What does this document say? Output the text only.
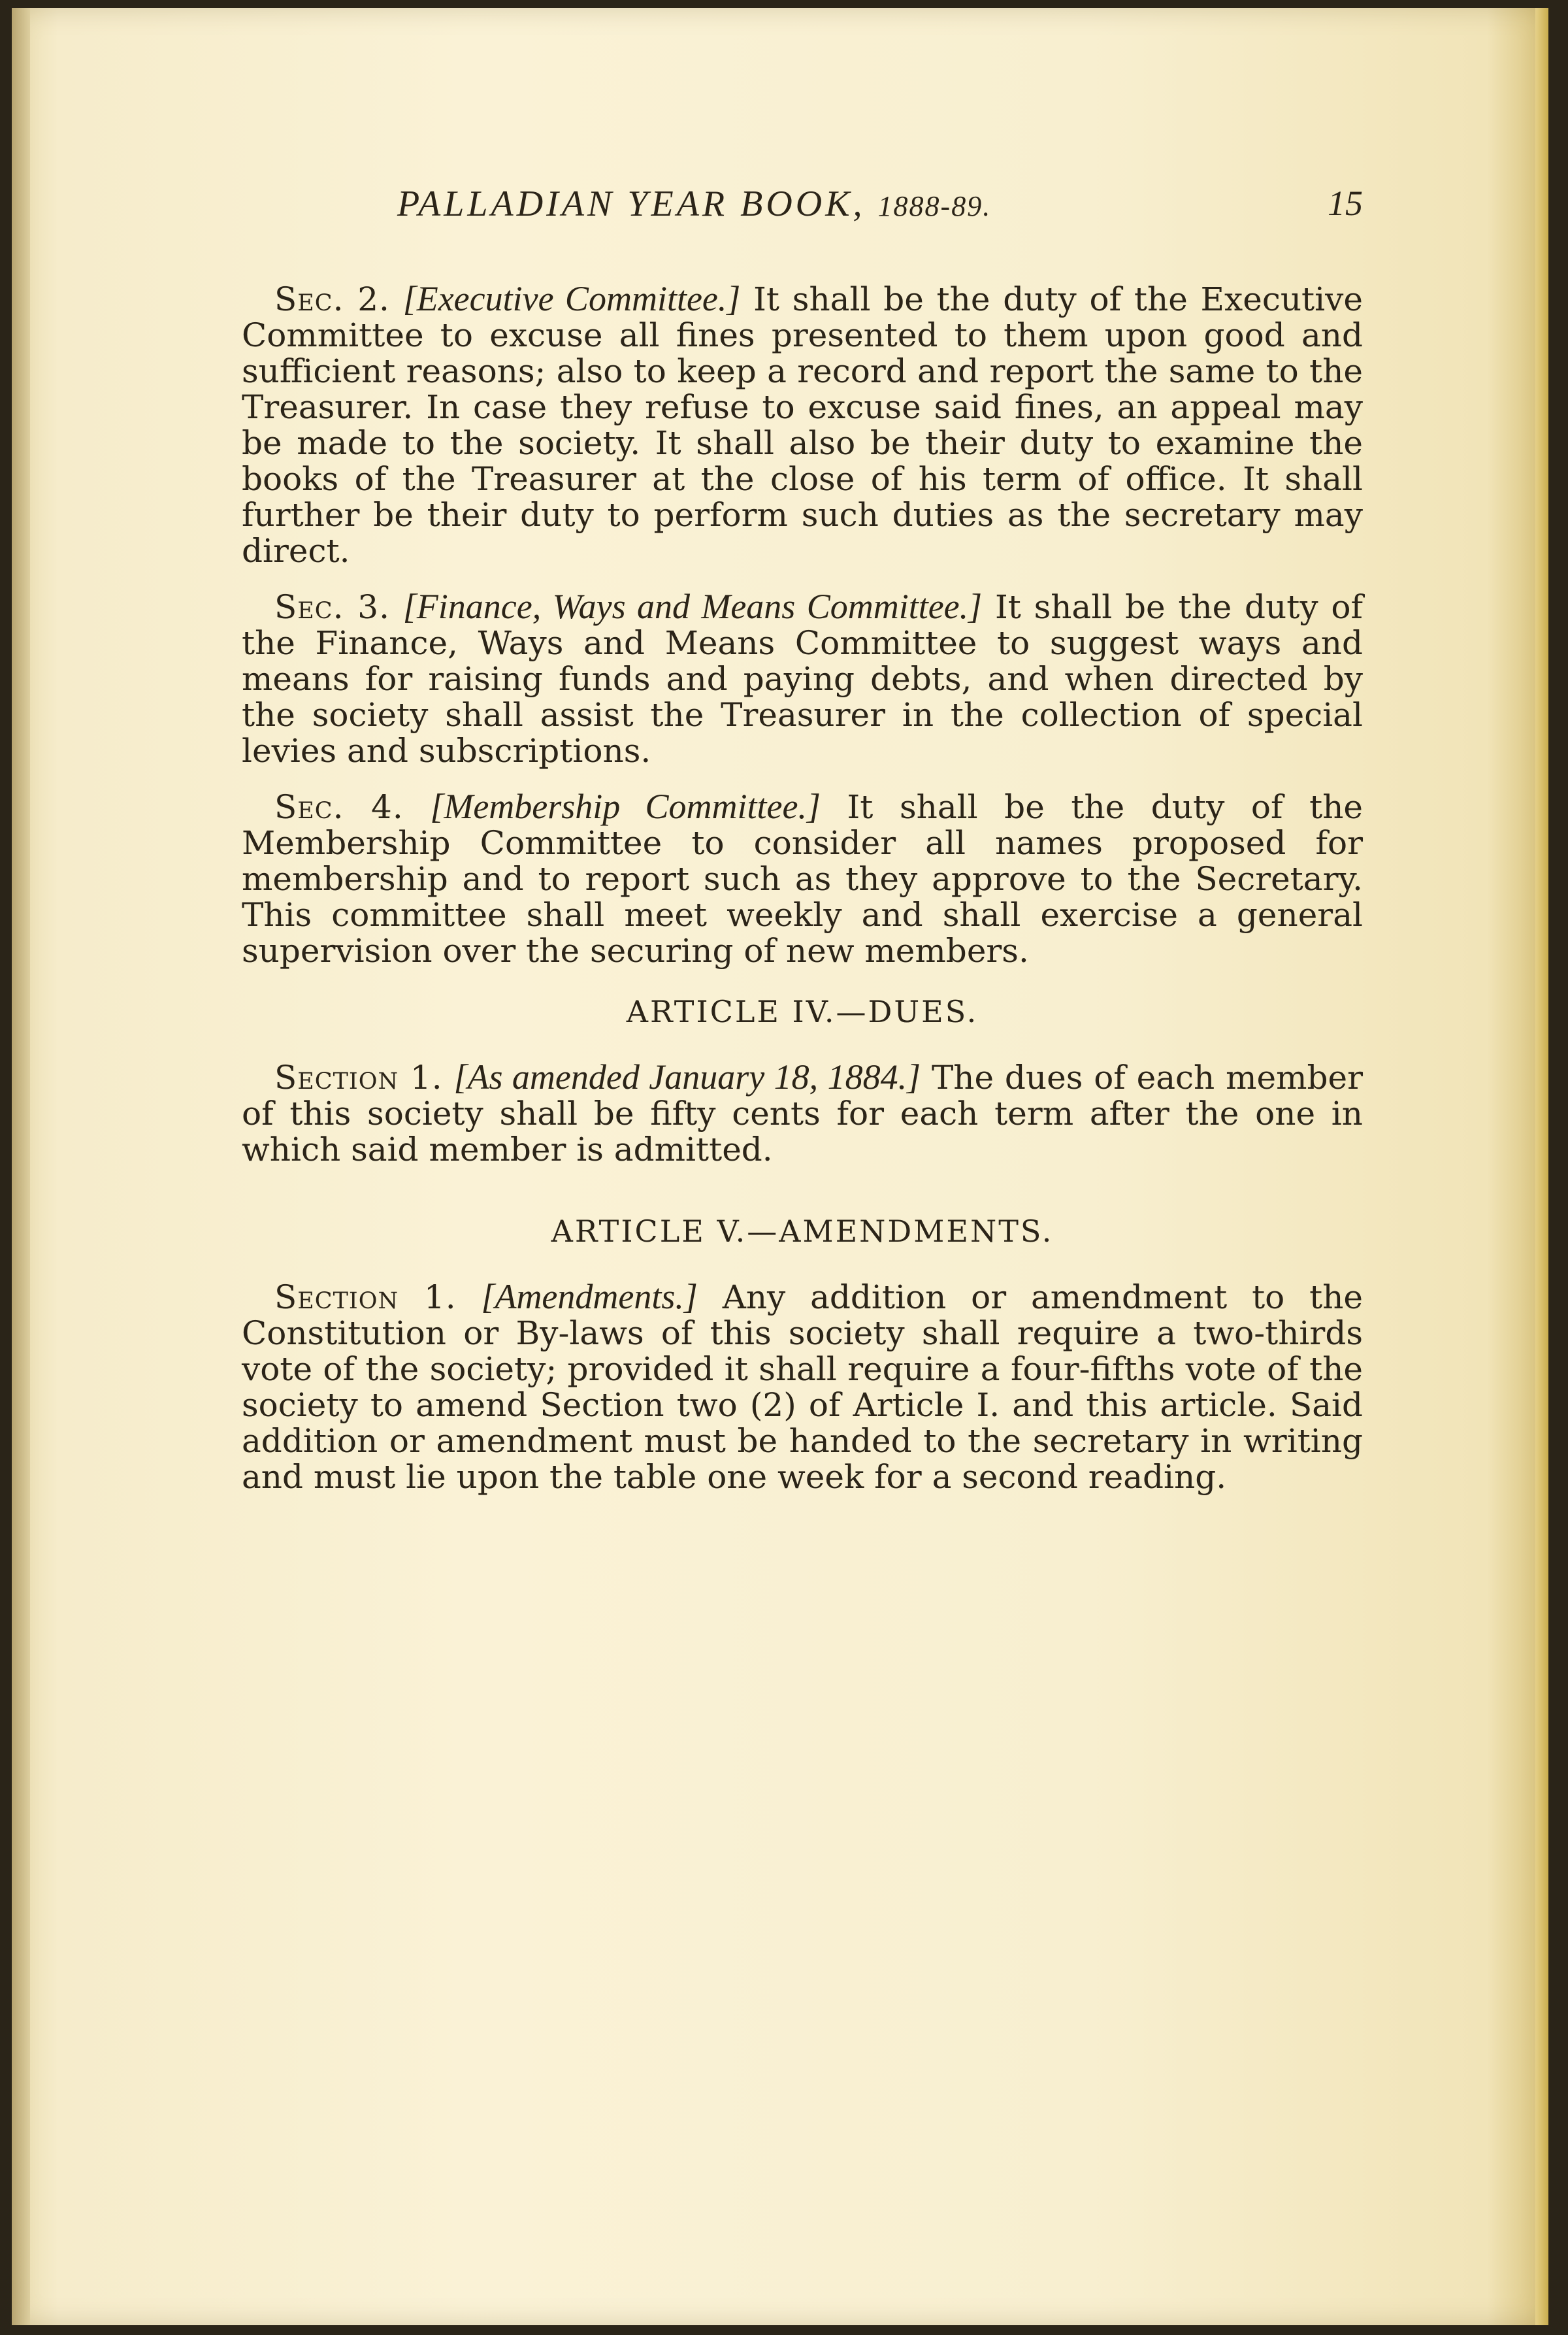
PALLADIAN YEAR BOOK, 1888-89.	15

Sec. 2. [Executive Committee.] It shall be the duty of the Executive Committee to excuse all fines presented to them upon good and sufficient reasons; also to keep a record and report the same to the Treasurer. In case they refuse to excuse said fines, an appeal may be made to the society. It shall also be their duty to examine the books of the Treasurer at the close of his term of office. It shall further be their duty to perform such duties as the secretary may direct.

Sec. 3. [Finance, Ways and Means Committee.] It shall be the duty of the Finance, Ways and Means Committee to suggest ways and means for raising funds and paying debts, and when directed by the society shall assist the Treasurer in the collection of special levies and subscriptions.

Sec. 4. [Membership Committee.] It shall be the duty of the Membership Committee to consider all names proposed for membership and to report such as they approve to the Secretary. This committee shall meet weekly and shall exercise a general supervision over the securing of new members.

ARTICLE IV.—DUES.

Section 1. [As amended January 18, 1884.] The dues of each member of this society shall be fifty cents for each term after the one in which said member is admitted.

ARTICLE V.—AMENDMENTS.

Section 1. [Amendments.] Any addition or amendment to the Constitution or By-laws of this society shall require a two-thirds vote of the society; provided it shall require a four-fifths vote of the society to amend Section two (2) of Article I. and this article. Said addition or amendment must be handed to the secretary in writing and must lie upon the table one week for a second reading.
